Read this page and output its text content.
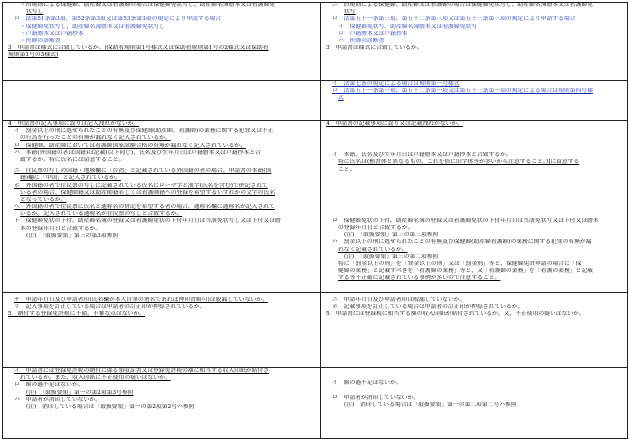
・旧規則による保健婦、助産婦又は看護婦の場合は保健婦免状写し、助産婦名簿謄本又は看護婦免
状写し
ロ　法第51条第3項、第52条第3項又は第53条第3項の規定により申請する場合
・保健婦免状写し、助産婦名簿謄本又は看護婦免状写し
・戸籍謄本又は戸籍抄本
・医師の診断書
3　申請書は様式に合致しているか。(保助看規則第1号様式又は保助看規則第1号の2様式又は保助看
規則第1号の3様式)
ニ　旧規則による保健婦、助産婦又は看護婦の場合は保健婦免状写し、助産婦名簿謄本又は看護婦免
状写
ロ　法第五十一条第三項、第五十二条第三項又は第五十三条第三項の規定により申請する場合
イ　保健婦免状写、助産婦名簿謄本又は看護婦免状写
ロ　戸籍謄本又は戸籍抄本
ハ　医師の診断書
3　申請書は様式に合致しているか。
イ　法第七条の規定による場合は規則第一号様式
ロ　法第五十一条第一項、第五十二条第一項又は第五十三条第一項の規定による場合は規則第四号様
式
4　申請書の記入事項に誤りは記入洩れがないか。
イ　罰金以上の刑に処せられたことの有無及び保健師(助産師、看護師)の業務に関する犯罪又は不正
の行為を行ったことの有無が漏れなく記入されているか。
ロ　保健師、助産師においては看護師国家試験合格の有無が漏れなく記入されているか。
ハ　本籍(外国籍の者は国籍)は記載(以下同じ)、氏名及び生年月日は戸籍謄本又は戸籍抄本と合
致するか。特に氏名には留意すること。
ニ　住民票の写しの国籍・地域欄に「台湾」と記載されている外国籍の者の場合、申請書の本籍(国
籍)欄に「中国」と記入されているか。
ホ　外国籍の者で住民票の写しに記載されている氏名にローマ字と漢字(氏名を含む)で併記されて
いる者の場合、保健師籍又は助産師籍若しくは看護師籍への登録を希望するいずれかの文字の氏名
となっているか。
ヘ　外国籍の者で住民票に氏名と通称名の併記を希望する者の場合、通称名欄に通称名が記入されて
いるか。記入されている通称名が住民票の写しと合致するか。
ト　保健婦免状の下付、助産婦名簿の登録又は看護婦免状の下付年月日は当該免状写し又は下付又は謄
本の登録年月日と合致するか。
(注)　「取扱要領」第三の第3項参照
4　申請書の記載事項に誤り又は記載洩れがないか。
イ　本籍、氏名及び生年月日は戸籍謄本又は戸籍抄本と合致するか。
特に氏名は(楷書体と異なるもの、これを俗に旧字体等が多いから注意すること。)]に留意する
こと。
ロ　保健婦免状の下付、助産婦名簿の登録又は看護婦免状の下付年月日は当該免状写又は下付又は謄本
の登録年月日と合致するか。
(注)　「取扱要領」第三の第三項参照
ハ　罰金以上の刑に処せられたことの有無及び保健婦(助産婦看護婦)の業務に関する犯罪の有無が漏
れなく記載されているか。
(注)　「取扱要領」第三の第二項参照
特に「罰金以上の刑」を「罪金以上の刑」又は「罰金刑」等と、保健婦免許申請の場合に「保
健婦の業務」と記載すべきを「看護婦の業務」等と、又「看護婦の業務」を「看護の業務」と記載
する等不正確に記載されている事例が多いので注意すること。
チ　申請年月日及び申請者印(氏名欄が本人自筆の署名であれば押印省略可)は脱漏していないか。
リ　記入事項を訂正している場合は申請者の訂正印が押捺されているか。
5　納付する登録免許税に不備、不審な点はないか。
ニ　申請年月日及び申請者印は脱漏していないか。
ホ　記載事項を訂正している場合は申請者の訂正印が押捺されているか。
5　申請書には登録税に相当する額の収入印紙が貼付されているか。又、不正使用の疑いはないか。
イ　申請書には登録免許税の納付に係る領収証書又は登録免許税の額に相当する収入印紙が貼付さ
れているか。また、収入印紙に不正使用の疑いはないか。
ロ　額の過不足はないか。
(注)　「取扱要領」第一の第2項第3号参照
ハ　申請者が消印していないか。
(注)　消印している場合は「取扱要領」第一の第2項第2号ハ参照
イ　額の過不足はないか。
ロ　申請者が消印していないか。
(注)　消印している場合は「取扱要領」第一の第二項第二号ハ参照
